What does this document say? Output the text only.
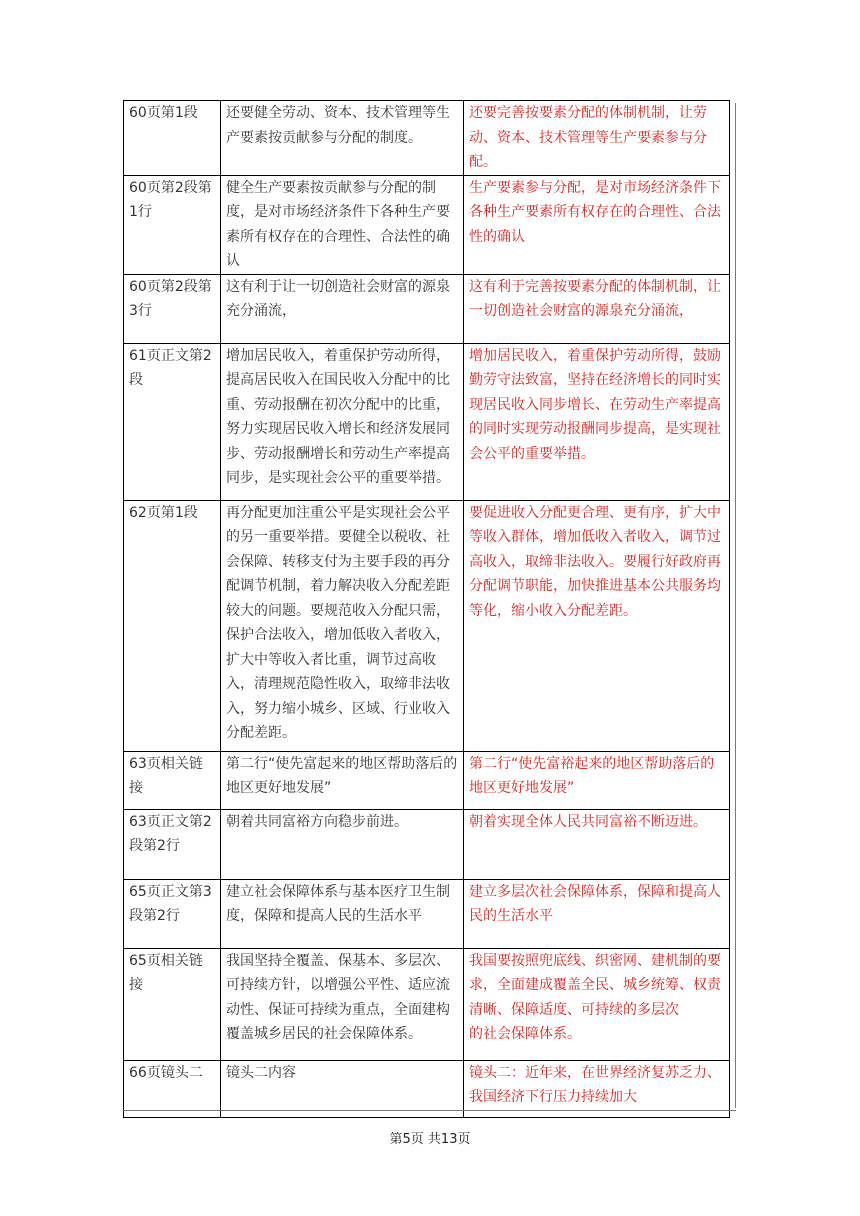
60页第1段	还要健全劳动、资本、技术管理等生产要素按贡献参与分配的制度。	还要完善按要素分配的体制机制，让劳动、资本、技术管理等生产要素参与分配。
60页第2段第1行	健全生产要素按贡献参与分配的制度，是对市场经济条件下各种生产要素所有权存在的合理性、合法性的确认	生产要素参与分配，是对市场经济条件下各种生产要素所有权存在的合理性、合法性的确认
60页第2段第3行	这有利于让一切创造社会财富的源泉充分涌流，	这有利于完善按要素分配的体制机制，让一切创造社会财富的源泉充分涌流，
61页正文第2段	增加居民收入，着重保护劳动所得，提高居民收入在国民收入分配中的比重、劳动报酬在初次分配中的比重，努力实现居民收入增长和经济发展同步、劳动报酬增长和劳动生产率提高同步，是实现社会公平的重要举措。	增加居民收入，着重保护劳动所得，鼓励勤劳守法致富，坚持在经济增长的同时实现居民收入同步增长、在劳动生产率提高的同时实现劳动报酬同步提高，是实现社会公平的重要举措。
62页第1段	再分配更加注重公平是实现社会公平的另一重要举措。要健全以税收、社会保障、转移支付为主要手段的再分配调节机制，着力解决收入分配差距较大的问题。要规范收入分配只需，保护合法收入，增加低收入者收入，扩大中等收入者比重，调节过高收入，清理规范隐性收入，取缔非法收入，努力缩小城乡、区域、行业收入分配差距。	要促进收入分配更合理、更有序，扩大中等收入群体，增加低收入者收入，调节过高收入，取缔非法收入。要履行好政府再分配调节职能，加快推进基本公共服务均等化，缩小收入分配差距。
63页相关链接	第二行“使先富起来的地区帮助落后的地区更好地发展”	第二行“使先富裕起来的地区帮助落后的地区更好地发展”
63页正文第2段第2行	朝着共同富裕方向稳步前进。	朝着实现全体人民共同富裕不断迈进。
65页正文第3段第2行	建立社会保障体系与基本医疗卫生制度，保障和提高人民的生活水平	建立多层次社会保障体系，保障和提高人民的生活水平
65页相关链接	我国坚持全覆盖、保基本、多层次、可持续方针，以增强公平性、适应流动性、保证可持续为重点，全面建构覆盖城乡居民的社会保障体系。	我国要按照兜底线、织密网、建机制的要求，全面建成覆盖全民、城乡统筹、权责清晰、保障适度、可持续的多层次
的社会保障体系。
66页镜头二	镜头二内容	镜头二：近年来，在世界经济复苏乏力、我国经济下行压力持续加大
第5页 共13页
